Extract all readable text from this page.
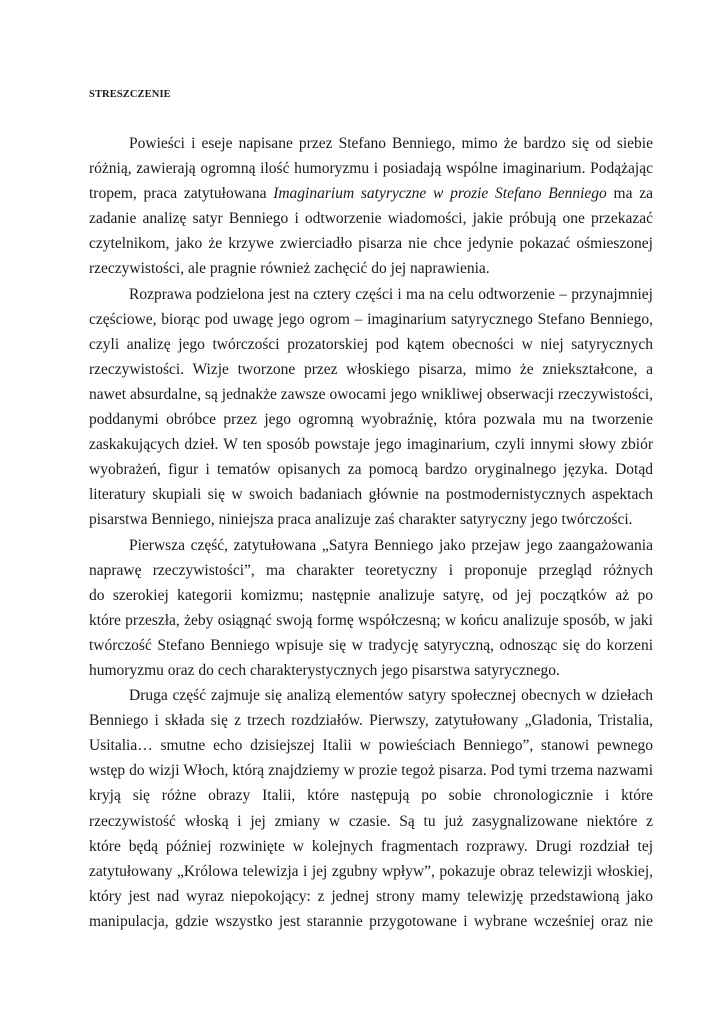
STRESZCZENIE
Powieści i eseje napisane przez Stefano Benniego, mimo że bardzo się od siebie
różnią, zawierają ogromną ilość humoryzmu i posiadają wspólne imaginarium. Podążając
tropem, praca zatytułowana Imaginarium satyryczne w prozie Stefano Benniego ma za
zadanie analizę satyr Benniego i odtworzenie wiadomości, jakie próbują one przekazać
czytelnikom, jako że krzywe zwierciadło pisarza nie chce jedynie pokazać ośmieszonej
rzeczywistości, ale pragnie również zachęcić do jej naprawienia.
Rozprawa podzielona jest na cztery części i ma na celu odtworzenie – przynajmniej
częściowe, biorąc pod uwagę jego ogrom – imaginarium satyrycznego Stefano Benniego,
czyli analizę jego twórczości prozatorskiej pod kątem obecności w niej satyrycznych
rzeczywistości. Wizje tworzone przez włoskiego pisarza, mimo że zniekształcone, a
nawet absurdalne, są jednakże zawsze owocami jego wnikliwej obserwacji rzeczywistości,
poddanymi obróbce przez jego ogromną wyobraźnię, która pozwala mu na tworzenie
zaskakujących dzieł. W ten sposób powstaje jego imaginarium, czyli innymi słowy zbiór
wyobrażeń, figur i tematów opisanych za pomocą bardzo oryginalnego języka. Dotąd
literatury skupiali się w swoich badaniach głównie na postmodernistycznych aspektach
pisarstwa Benniego, niniejsza praca analizuje zaś charakter satyryczny jego twórczości.
Pierwsza część, zatytułowana „Satyra Benniego jako przejaw jego zaangażowania
naprawę rzeczywistości”, ma charakter teoretyczny i proponuje przegląd różnych
do szerokiej kategorii komizmu; następnie analizuje satyrę, od jej początków aż po
które przeszła, żeby osiągnąć swoją formę współczesną; w końcu analizuje sposób, w jaki
twórczość Stefano Benniego wpisuje się w tradycję satyryczną, odnosząc się do korzeni
humoryzmu oraz do cech charakterystycznych jego pisarstwa satyrycznego.
Druga część zajmuje się analizą elementów satyry społecznej obecnych w dziełach
Benniego i składa się z trzech rozdziałów. Pierwszy, zatytułowany „Gladonia, Tristalia,
Usitalia… smutne echo dzisiejszej Italii w powieściach Benniego”, stanowi pewnego
wstęp do wizji Włoch, którą znajdziemy w prozie tegoż pisarza. Pod tymi trzema nazwami
kryją się różne obrazy Italii, które następują po sobie chronologicznie i które
rzeczywistość włoską i jej zmiany w czasie. Są tu już zasygnalizowane niektóre z
które będą później rozwinięte w kolejnych fragmentach rozprawy. Drugi rozdział tej
zatytułowany „Królowa telewizja i jej zgubny wpływ”, pokazuje obraz telewizji włoskiej,
który jest nad wyraz niepokojący: z jednej strony mamy telewizję przedstawioną jako
manipulacja, gdzie wszystko jest starannie przygotowane i wybrane wcześniej oraz nie
